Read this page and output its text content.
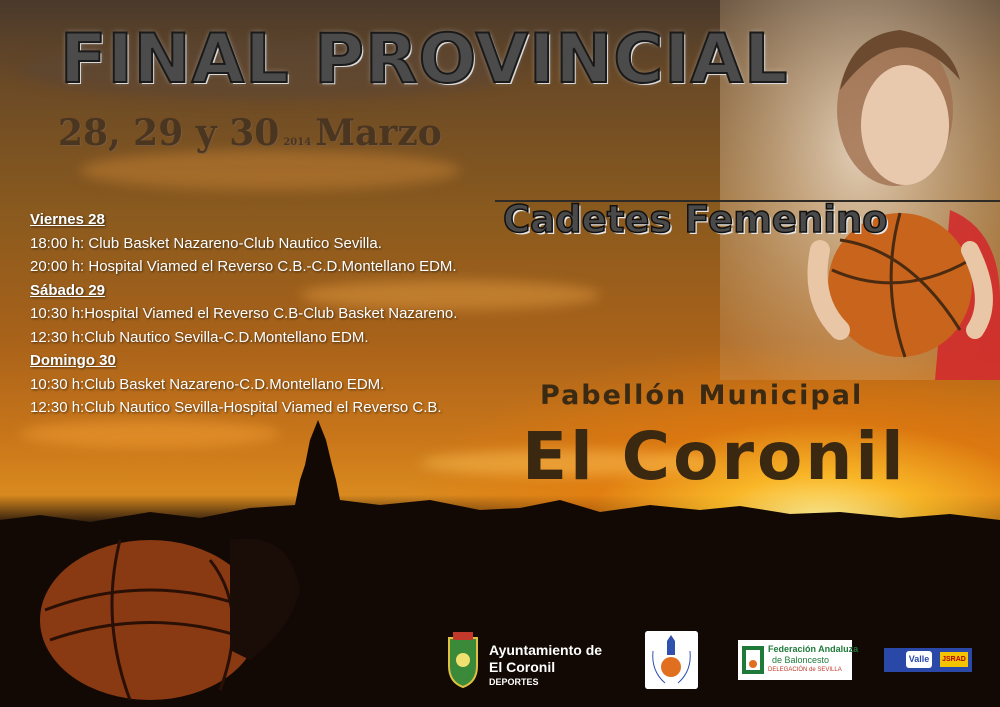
FINAL PROVINCIAL
28, 29 y 30 2014 Marzo
Viernes 28
18:00 h: Club Basket Nazareno-Club Nautico Sevilla.
20:00 h: Hospital Viamed el Reverso C.B.-C.D.Montellano EDM.
Sábado 29
10:30 h:Hospital Viamed el Reverso C.B-Club Basket Nazareno.
12:30 h:Club Nautico Sevilla-C.D.Montellano EDM.
Domingo 30
10:30 h:Club Basket Nazareno-C.D.Montellano EDM.
12:30 h:Club Nautico Sevilla-Hospital Viamed el Reverso C.B.
Cadetes Femenino
Pabellón Municipal
El Coronil
Ayuntamiento de
El Coronil
DEPORTES
Federación Andaluza
de Baloncesto
DELEGACIÓN de SEVILLA
Valle	JSRAD
